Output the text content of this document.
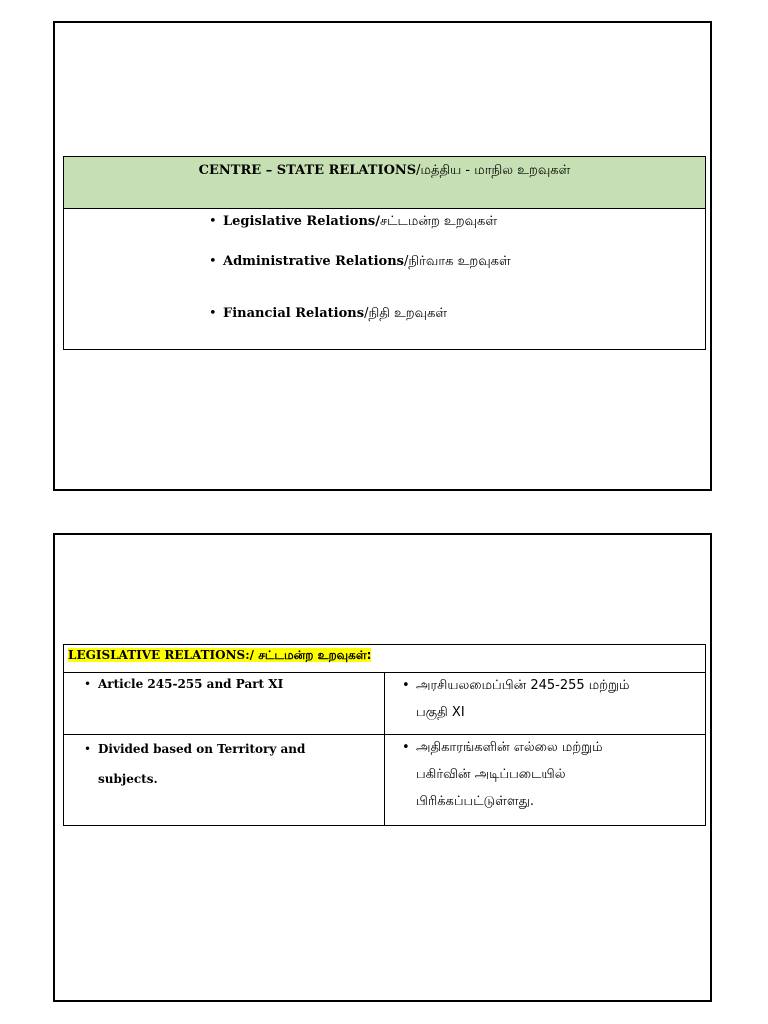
CENTRE – STATE RELATIONS/மத்திய - மாநில உறவுகள்
• Legislative Relations/சட்டமன்ற உறவுகள்
• Administrative Relations/நிர்வாக உறவுகள்
• Financial Relations/நிதி உறவுகள்
LEGISLATIVE RELATIONS:/ சட்டமன்ற உறவுகள்:
• Article 245-255 and Part XI	• அரசியலமைப்பின் 245-255 மற்றும்
பகுதி XI
• Divided based on Territory and
subjects.
• அதிகாரங்களின் எல்லை மற்றும்
பகிர்வின் அடிப்படையில்
பிரிக்கப்பட்டுள்ளது.
